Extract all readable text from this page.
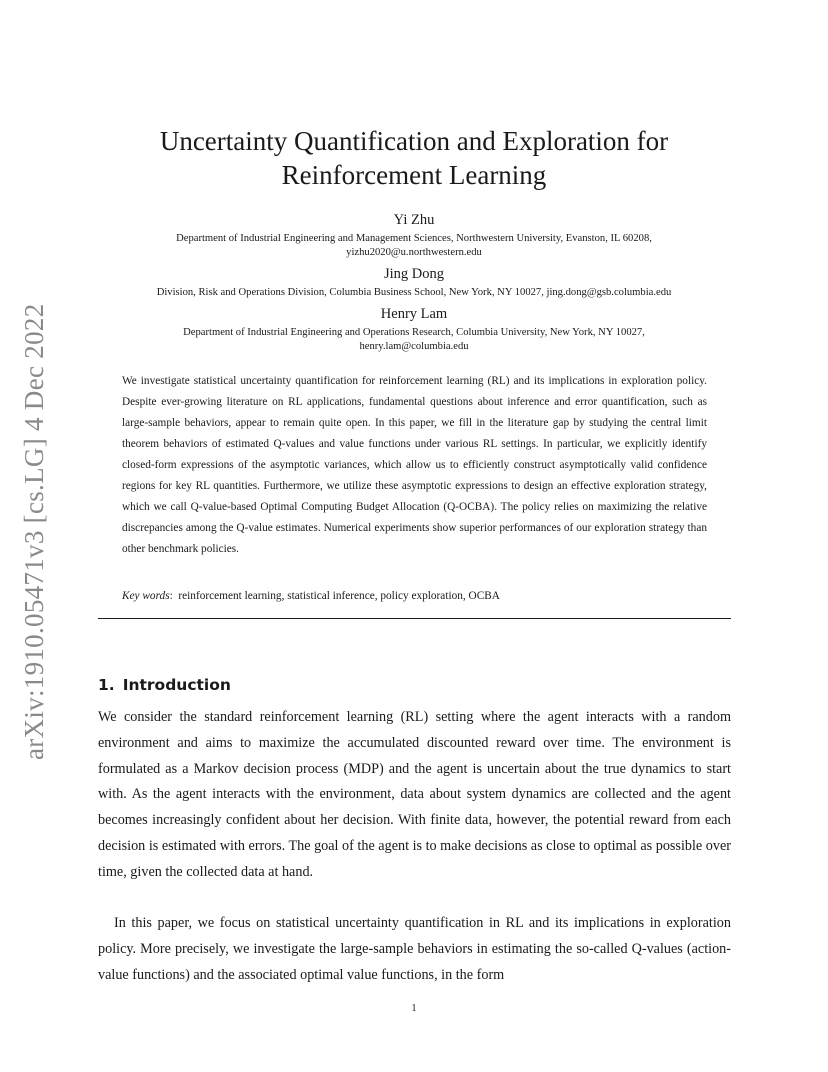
arXiv:1910.05471v3 [cs.LG] 4 Dec 2022
Uncertainty Quantification and Exploration for Reinforcement Learning

Yi Zhu

Department of Industrial Engineering and Management Sciences, Northwestern University, Evanston, IL 60208,

yizhu2020@u.northwestern.edu

Jing Dong

Division, Risk and Operations Division, Columbia Business School, New York, NY 10027, jing.dong@gsb.columbia.edu

Henry Lam

Department of Industrial Engineering and Operations Research, Columbia University, New York, NY 10027,

henry.lam@columbia.edu

We investigate statistical uncertainty quantification for reinforcement learning (RL) and its implications in exploration policy. Despite ever-growing literature on RL applications, fundamental questions about inference and error quantification, such as large-sample behaviors, appear to remain quite open. In this paper, we fill in the literature gap by studying the central limit theorem behaviors of estimated Q-values and value functions under various RL settings. In particular, we explicitly identify closed-form expressions of the asymptotic variances, which allow us to efficiently construct asymptotically valid confidence regions for key RL quantities. Furthermore, we utilize these asymptotic expressions to design an effective exploration strategy, which we call Q-value-based Optimal Computing Budget Allocation (Q-OCBA). The policy relies on maximizing the relative discrepancies among the Q-value estimates. Numerical experiments show superior performances of our exploration strategy than other benchmark policies.

Key words:  reinforcement learning, statistical inference, policy exploration, OCBA

1. Introduction

We consider the standard reinforcement learning (RL) setting where the agent interacts with a random environment and aims to maximize the accumulated discounted reward over time. The environment is formulated as a Markov decision process (MDP) and the agent is uncertain about the true dynamics to start with. As the agent interacts with the environment, data about system dynamics are collected and the agent becomes increasingly confident about her decision. With finite data, however, the potential reward from each decision is estimated with errors. The goal of the agent is to make decisions as close to optimal as possible over time, given the collected data at hand.

In this paper, we focus on statistical uncertainty quantification in RL and its implications in exploration policy. More precisely, we investigate the large-sample behaviors in estimating the so-called Q-values (action-value functions) and the associated optimal value functions, in the form

1
